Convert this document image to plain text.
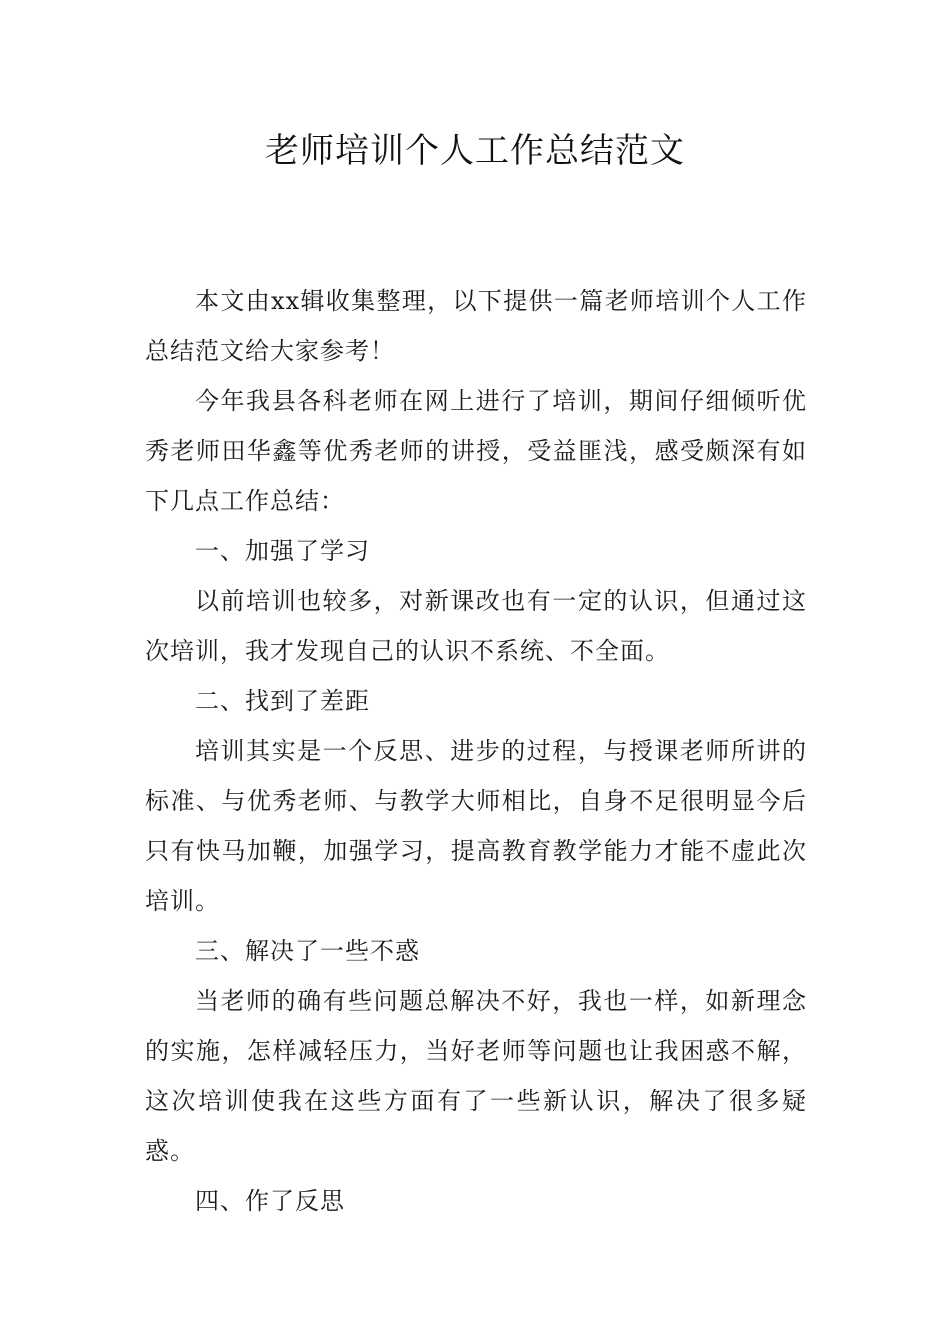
老师培训个人工作总结范文

本文由xx辑收集整理，以下提供一篇老师培训个人工作总结范文给大家参考！

今年我县各科老师在网上进行了培训，期间仔细倾听优秀老师田华鑫等优秀老师的讲授，受益匪浅，感受颇深有如下几点工作总结：

一、加强了学习

以前培训也较多，对新课改也有一定的认识，但通过这次培训，我才发现自己的认识不系统、不全面。

二、找到了差距

培训其实是一个反思、进步的过程，与授课老师所讲的标准、与优秀老师、与教学大师相比，自身不足很明显今后只有快马加鞭，加强学习，提高教育教学能力才能不虚此次培训。

三、解决了一些不惑

当老师的确有些问题总解决不好，我也一样，如新理念的实施，怎样减轻压力，当好老师等问题也让我困惑不解，这次培训使我在这些方面有了一些新认识，解决了很多疑惑。

四、作了反思
